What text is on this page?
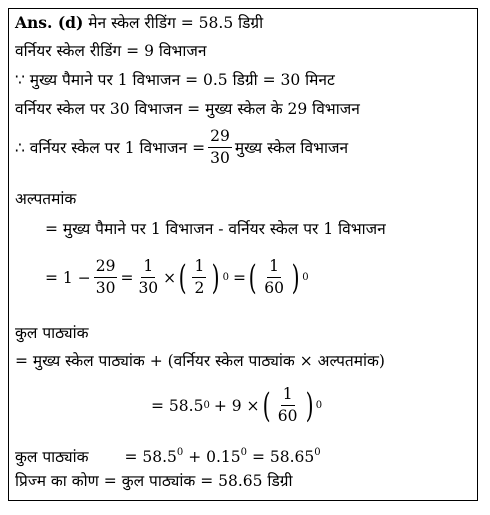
Ans. (d) मेन स्केल रीडिंग = 58.5 डिग्री
वर्नियर स्केल रीडिंग = 9 विभाजन
∵ मुख्य पैमाने पर 1 विभाजन = 0.5 डिग्री = 30 मिनट
वर्नियर स्केल पर 30 विभाजन = मुख्य स्केल के 29 विभाजन
∴ वर्नियर स्केल पर 1 विभाजन = $\frac{29}{30}$ मुख्य स्केल विभाजन
अल्पतमांक
= मुख्य पैमाने पर 1 विभाजन - वर्नियर स्केल पर 1 विभाजन
= $1 - \frac{29}{30} = \frac{1}{30}$ × ( $\frac{1}{2}$ ) 0 = ( $\frac{1}{60}$ ) 0
कुल पाठ्यांक
= मुख्य स्केल पाठ्यांक + (वर्नियर स्केल पाठ्यांक × अल्पतमांक)
= 58.5 0 + 9 × ( $\frac{1}{60}$ ) 0
कुल पाठ्यांक = $58.5^0 + 0.15^0 = 58.65^0$
प्रिज्म का कोण = कुल पाठ्यांक = 58.65 डिग्री
